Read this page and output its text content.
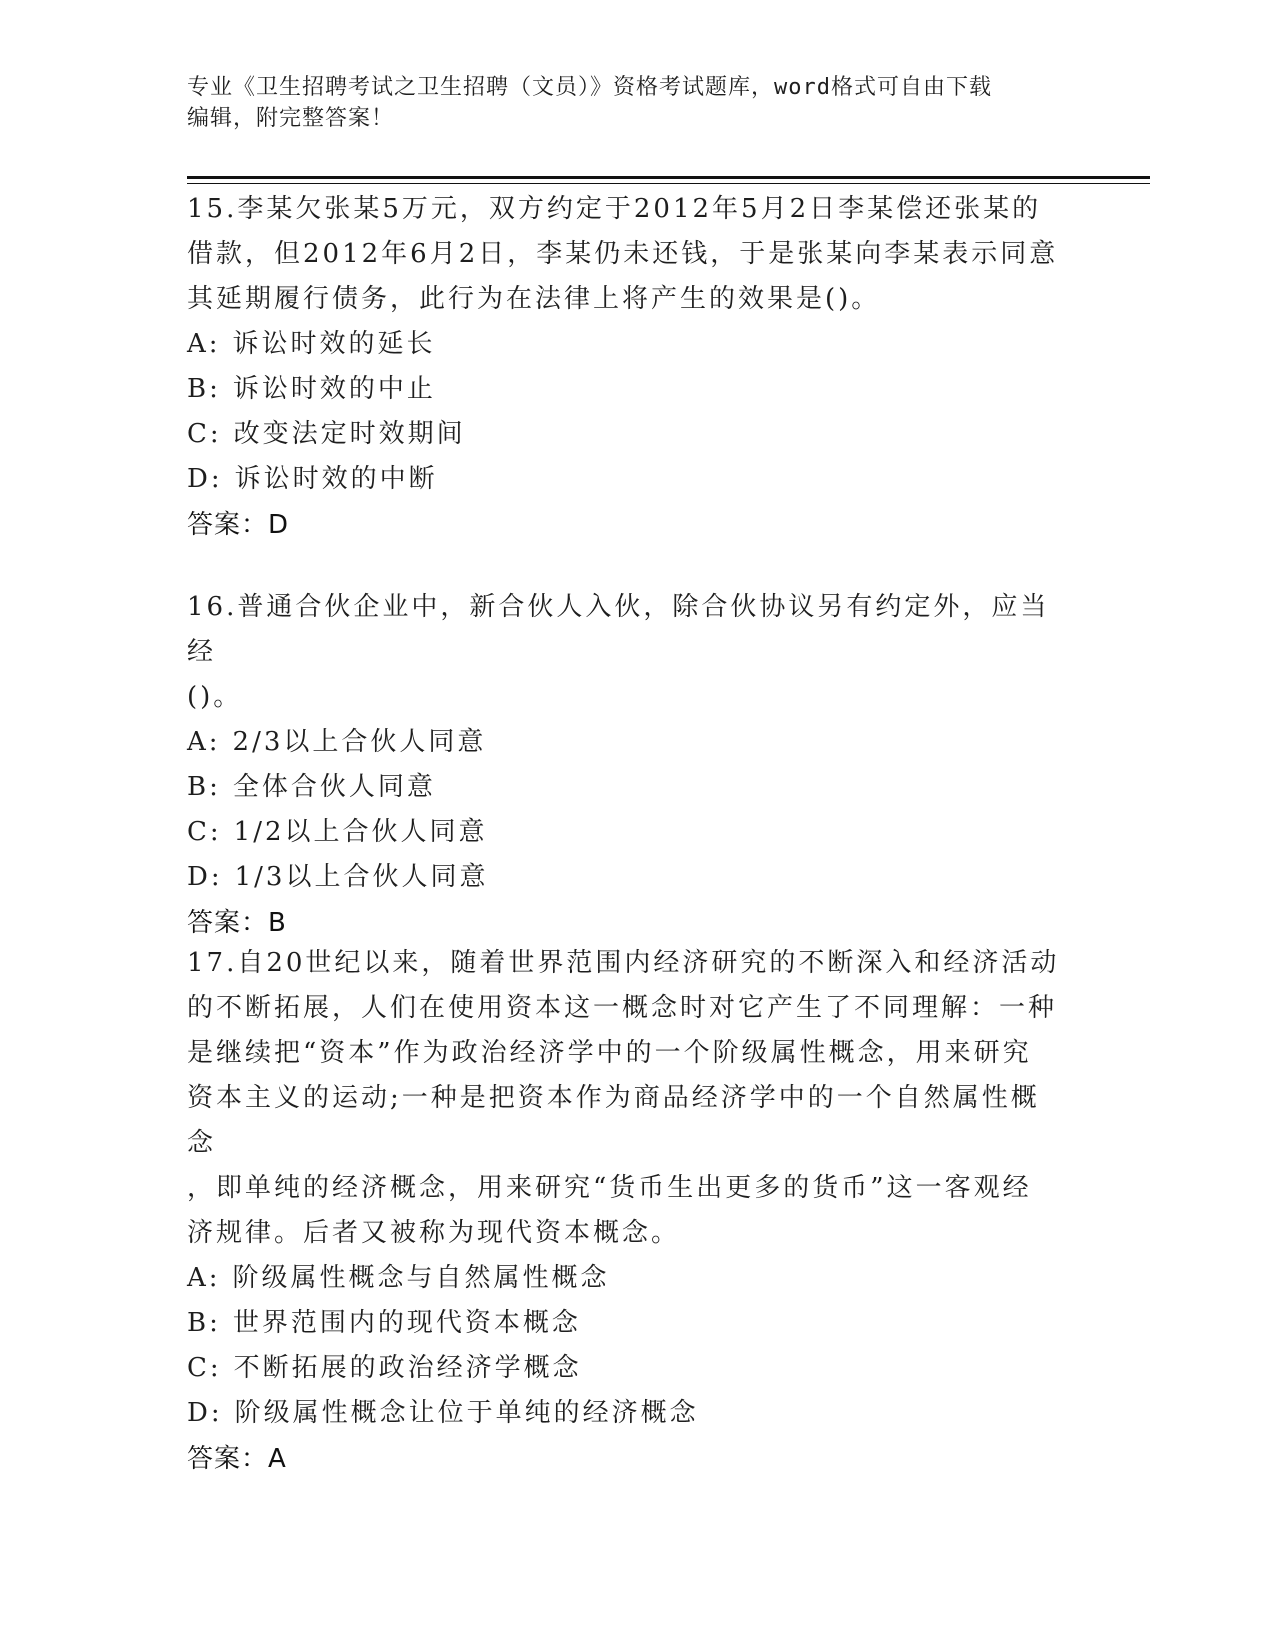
专业《卫生招聘考试之卫生招聘（文员）》资格考试题库，word格式可自由下载
编辑，附完整答案！
15.李某欠张某5万元，双方约定于2012年5月2日李某偿还张某的
借款，但2012年6月2日，李某仍未还钱，于是张某向李某表示同意
其延期履行债务，此行为在法律上将产生的效果是()。
A: 诉讼时效的延长
B: 诉讼时效的中止
C: 改变法定时效期间
D: 诉讼时效的中断
答案：D
16.普通合伙企业中，新合伙人入伙，除合伙协议另有约定外，应当经
()。
A: 2/3以上合伙人同意
B: 全体合伙人同意
C: 1/2以上合伙人同意
D: 1/3以上合伙人同意
答案：B
17.自20世纪以来，随着世界范围内经济研究的不断深入和经济活动
的不断拓展，人们在使用资本这一概念时对它产生了不同理解：一种
是继续把“资本”作为政治经济学中的一个阶级属性概念，用来研究
资本主义的运动;一种是把资本作为商品经济学中的一个自然属性概念
，即单纯的经济概念，用来研究“货币生出更多的货币”这一客观经
济规律。后者又被称为现代资本概念。
A: 阶级属性概念与自然属性概念
B: 世界范围内的现代资本概念
C: 不断拓展的政治经济学概念
D: 阶级属性概念让位于单纯的经济概念
答案：A
